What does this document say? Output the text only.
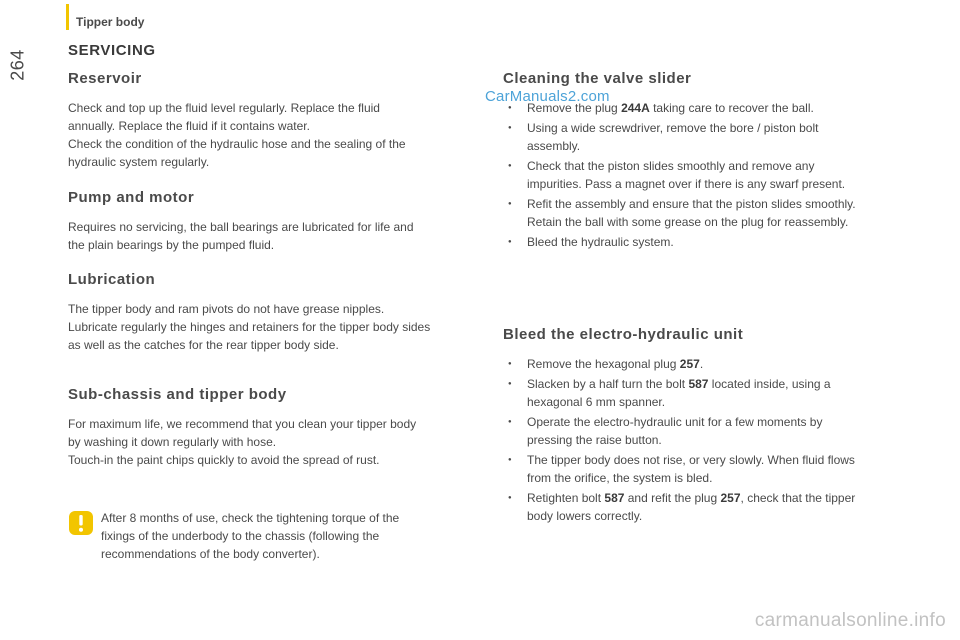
264
Tipper body
SERVICING
Reservoir

Check and top up the fluid level regularly. Replace the fluid
annually. Replace the fluid if it contains water.

Check the condition of the hydraulic hose and the sealing of the
hydraulic system regularly.

Pump and motor

Requires no servicing, the ball bearings are lubricated for life and
the plain bearings by the pumped fluid.

Lubrication

The tipper body and ram pivots do not have grease nipples.
Lubricate regularly the hinges and retainers for the tipper body sides
as well as the catches for the rear tipper body side.

Sub-chassis and tipper body

For maximum life, we recommend that you clean your tipper body
by washing it down regularly with hose.

Touch-in the paint chips quickly to avoid the spread of rust.

After 8 months of use, check the tightening torque of the
fixings of the underbody to the chassis (following the
recommendations of the body converter).

Cleaning the valve slider
● Remove the plug 244A taking care to recover the ball.
● Using a wide screwdriver, remove the bore / piston bolt
assembly.
● Check that the piston slides smoothly and remove any
impurities. Pass a magnet over if there is any swarf present.
● Refit the assembly and ensure that the piston slides smoothly.
Retain the ball with some grease on the plug for reassembly.
● Bleed the hydraulic system.
Bleed the electro-hydraulic unit
● Remove the hexagonal plug 257.
● Slacken by a half turn the bolt 587 located inside, using a
hexagonal 6 mm spanner.
● Operate the electro-hydraulic unit for a few moments by
pressing the raise button.
● The tipper body does not rise, or very slowly. When fluid flows
from the orifice, the system is bled.
● Retighten bolt 587 and refit the plug 257, check that the tipper
body lowers correctly.
CarManuals2.com
carmanualsonline.info
